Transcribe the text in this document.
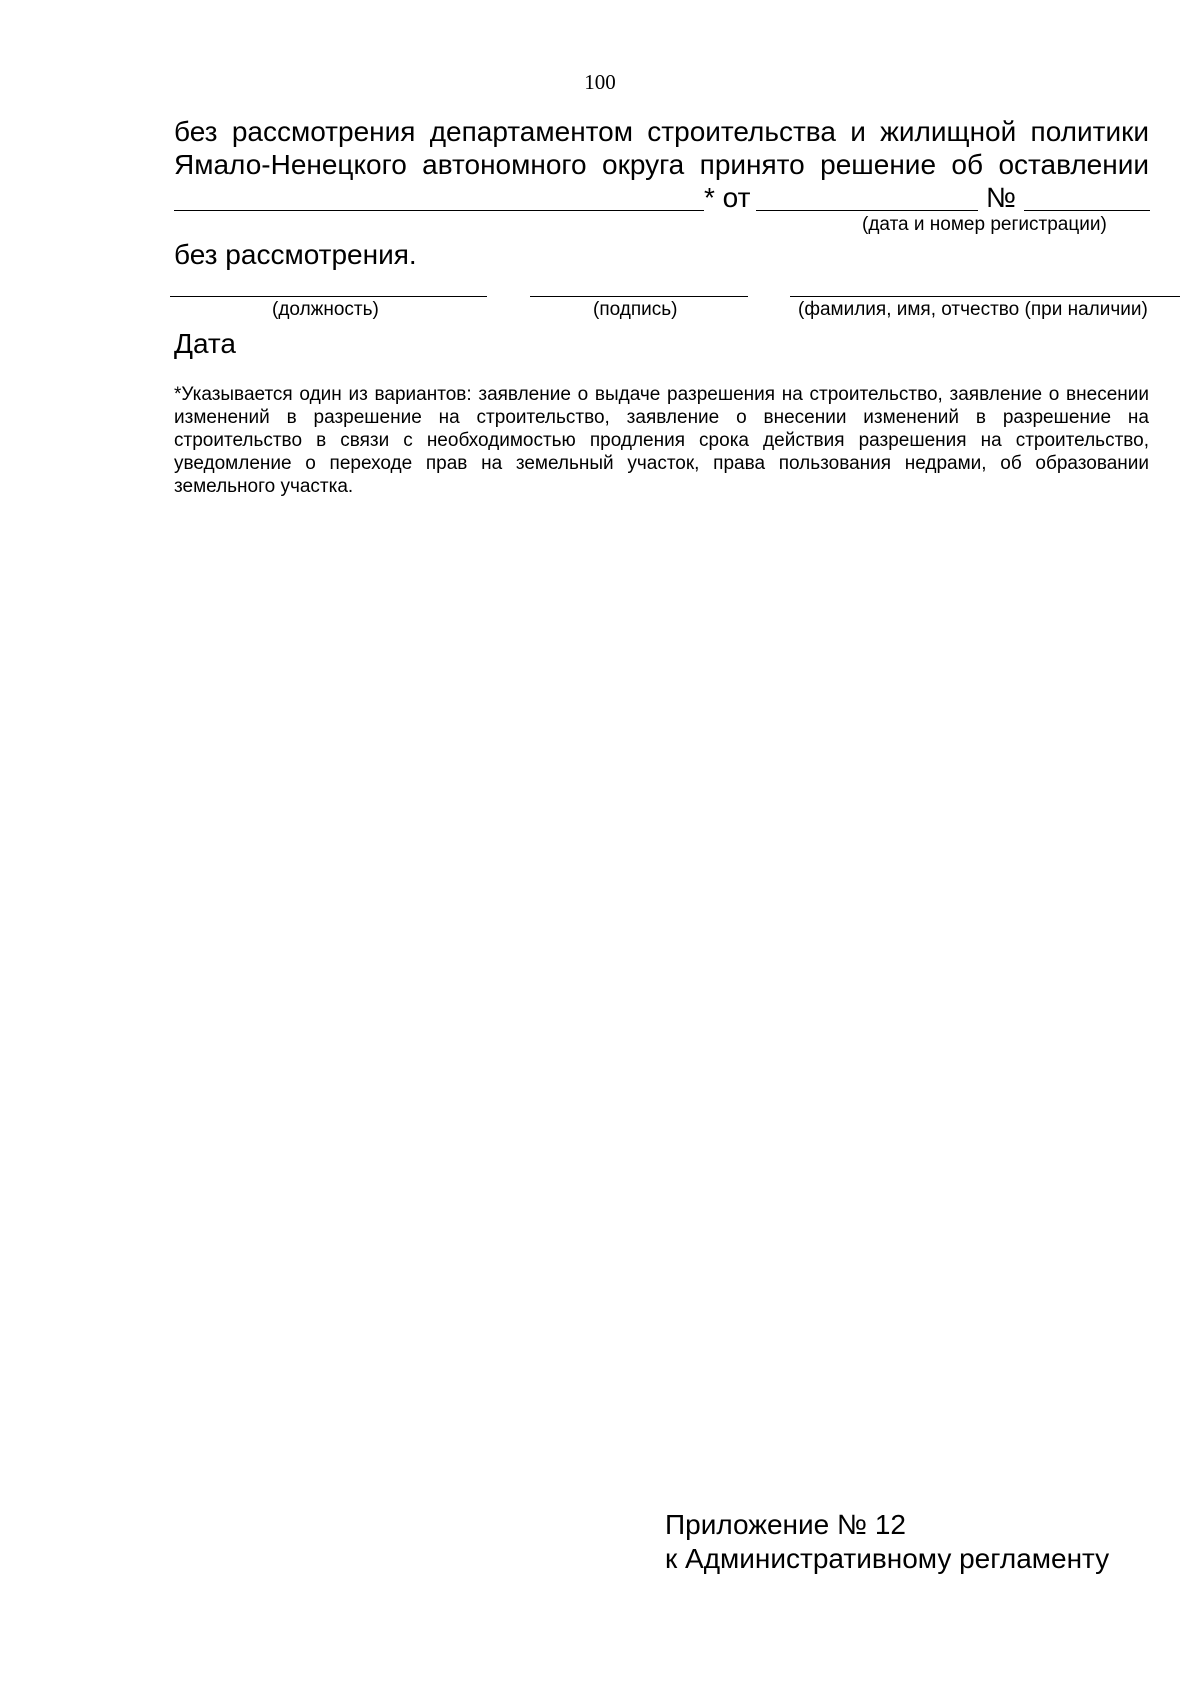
100
без рассмотрения департаментом строительства и жилищной политики
Ямало-Ненецкого автономного округа принято решение об оставлении
* от	№
(дата и номер регистрации)
без рассмотрения.
(должность)	(подпись)	(фамилия, имя, отчество (при наличии)
Дата
*Указывается один из вариантов: заявление о выдаче разрешения на строительство, заявление о внесении изменений в разрешение на строительство, заявление о внесении изменений в разрешение на строительство в связи с необходимостью продления срока действия разрешения на строительство, уведомление о переходе прав на земельный участок, права пользования недрами, об образовании земельного участка.
Приложение № 12
к Административному регламенту
